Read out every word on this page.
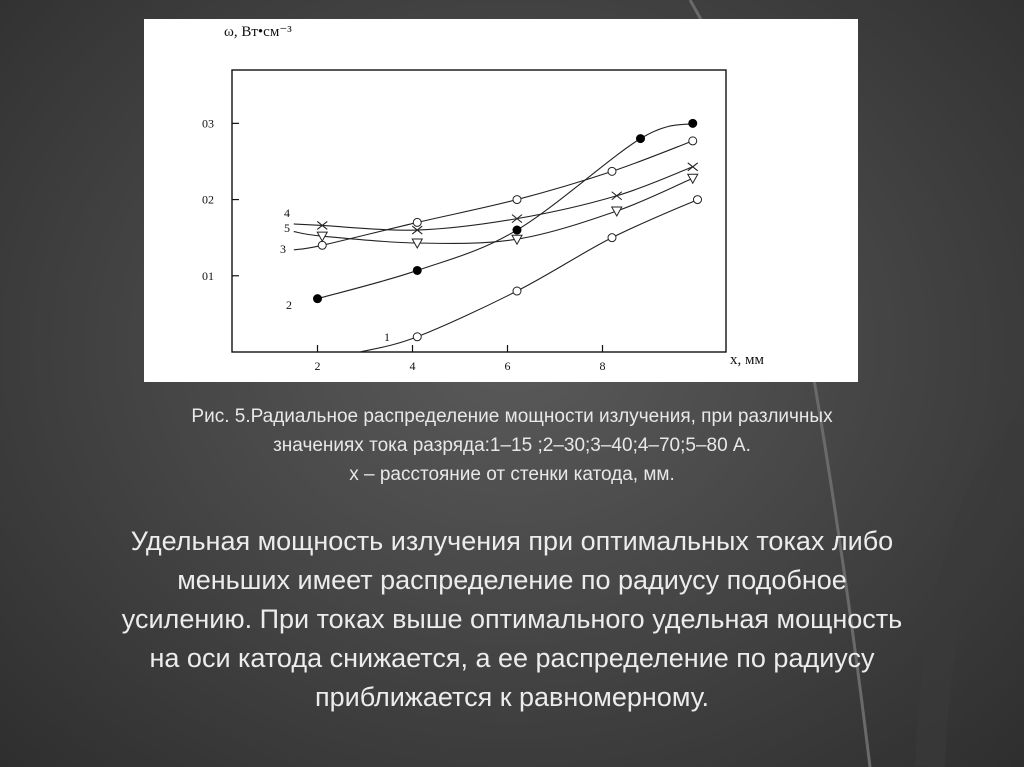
2	4	6	8
01
02
03
1
2
3
4
5
ω, Вт•см⁻³
x, мм
Рис. 5.Радиальное распределение мощности излучения, при различных
значениях тока разряда:1–15 ;2–30;3–40;4–70;5–80 А.
х – расстояние от стенки катода, мм.
Удельная мощность излучения при оптимальных токах либо
меньших имеет распределение по радиусу подобное
усилению. При токах выше оптимального удельная мощность
на оси катода снижается, а ее распределение по радиусу
приближается к равномерному.
